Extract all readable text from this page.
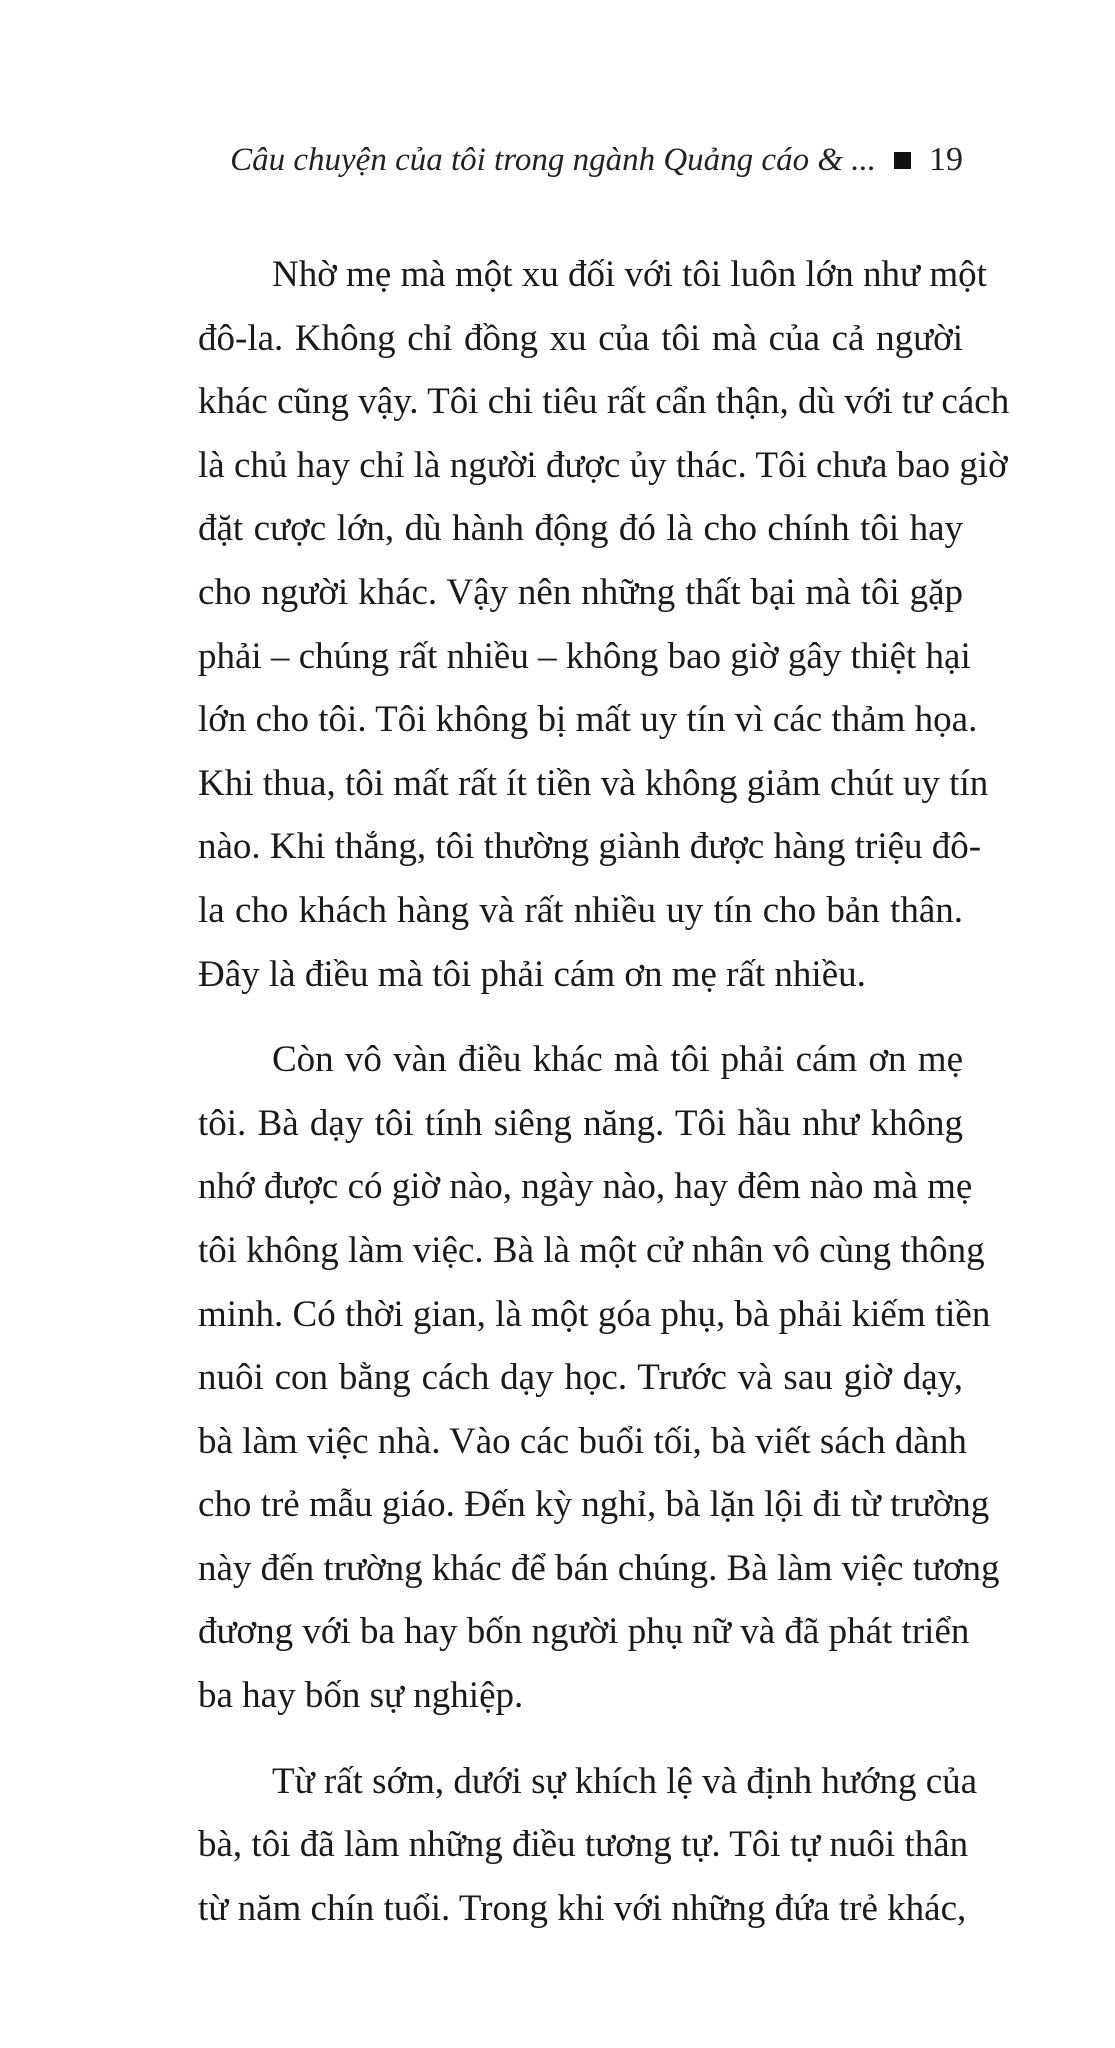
Câu chuyện của tôi trong ngành Quảng cáo & ... 19
Nhờ mẹ mà một xu đối với tôi luôn lớn như một
đô-la. Không chỉ đồng xu của tôi mà của cả người
khác cũng vậy. Tôi chi tiêu rất cẩn thận, dù với tư cách
là chủ hay chỉ là người được ủy thác. Tôi chưa bao giờ
đặt cược lớn, dù hành động đó là cho chính tôi hay
cho người khác. Vậy nên những thất bại mà tôi gặp
phải – chúng rất nhiều – không bao giờ gây thiệt hại
lớn cho tôi. Tôi không bị mất uy tín vì các thảm họa.
Khi thua, tôi mất rất ít tiền và không giảm chút uy tín
nào. Khi thắng, tôi thường giành được hàng triệu đô-
la cho khách hàng và rất nhiều uy tín cho bản thân.
Đây là điều mà tôi phải cám ơn mẹ rất nhiều.
Còn vô vàn điều khác mà tôi phải cám ơn mẹ
tôi. Bà dạy tôi tính siêng năng. Tôi hầu như không
nhớ được có giờ nào, ngày nào, hay đêm nào mà mẹ
tôi không làm việc. Bà là một cử nhân vô cùng thông
minh. Có thời gian, là một góa phụ, bà phải kiếm tiền
nuôi con bằng cách dạy học. Trước và sau giờ dạy,
bà làm việc nhà. Vào các buổi tối, bà viết sách dành
cho trẻ mẫu giáo. Đến kỳ nghỉ, bà lặn lội đi từ trường
này đến trường khác để bán chúng. Bà làm việc tương
đương với ba hay bốn người phụ nữ và đã phát triển
ba hay bốn sự nghiệp.
Từ rất sớm, dưới sự khích lệ và định hướng của
bà, tôi đã làm những điều tương tự. Tôi tự nuôi thân
từ năm chín tuổi. Trong khi với những đứa trẻ khác,
